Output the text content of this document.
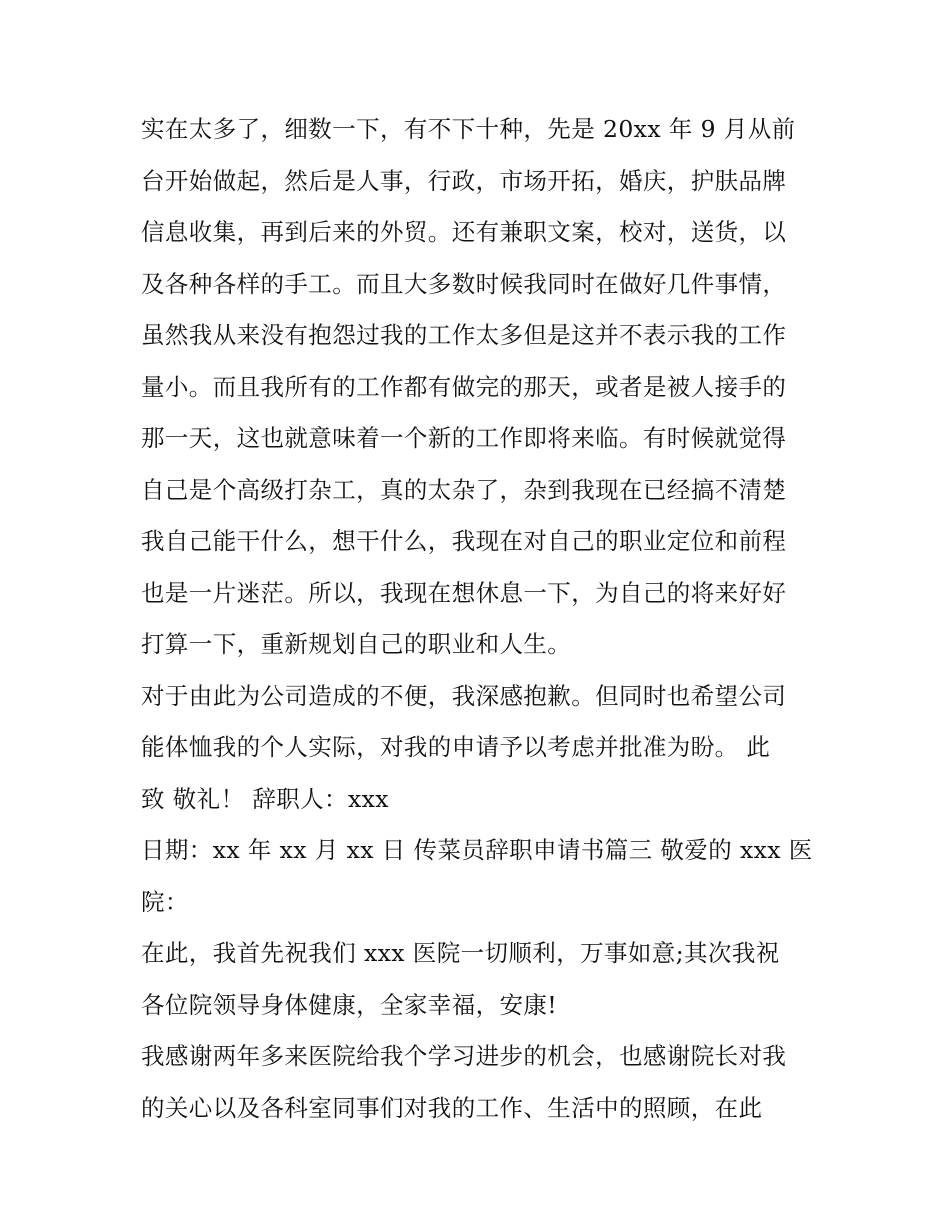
实在太多了，细数一下，有不下十种，先是 20xx 年 9 月从前
台开始做起，然后是人事，行政，市场开拓，婚庆，护肤品牌
信息收集，再到后来的外贸。还有兼职文案，校对，送货，以
及各种各样的手工。而且大多数时候我同时在做好几件事情，
虽然我从来没有抱怨过我的工作太多但是这并不表示我的工作
量小。而且我所有的工作都有做完的那天，或者是被人接手的
那一天，这也就意味着一个新的工作即将来临。有时候就觉得
自己是个高级打杂工，真的太杂了，杂到我现在已经搞不清楚
我自己能干什么，想干什么，我现在对自己的职业定位和前程
也是一片迷茫。所以，我现在想休息一下，为自己的将来好好
打算一下，重新规划自己的职业和人生。
对于由此为公司造成的不便，我深感抱歉。但同时也希望公司
能体恤我的个人实际，对我的申请予以考虑并批准为盼。 此
致 敬礼！ 辞职人：xxx
日期：xx 年 xx 月 xx 日 传菜员辞职申请书篇三 敬爱的 xxx 医
院：
在此，我首先祝我们 xxx 医院一切顺利，万事如意;其次我祝
各位院领导身体健康，全家幸福，安康!
我感谢两年多来医院给我个学习进步的机会，也感谢院长对我
的关心以及各科室同事们对我的工作、生活中的照顾，在此
